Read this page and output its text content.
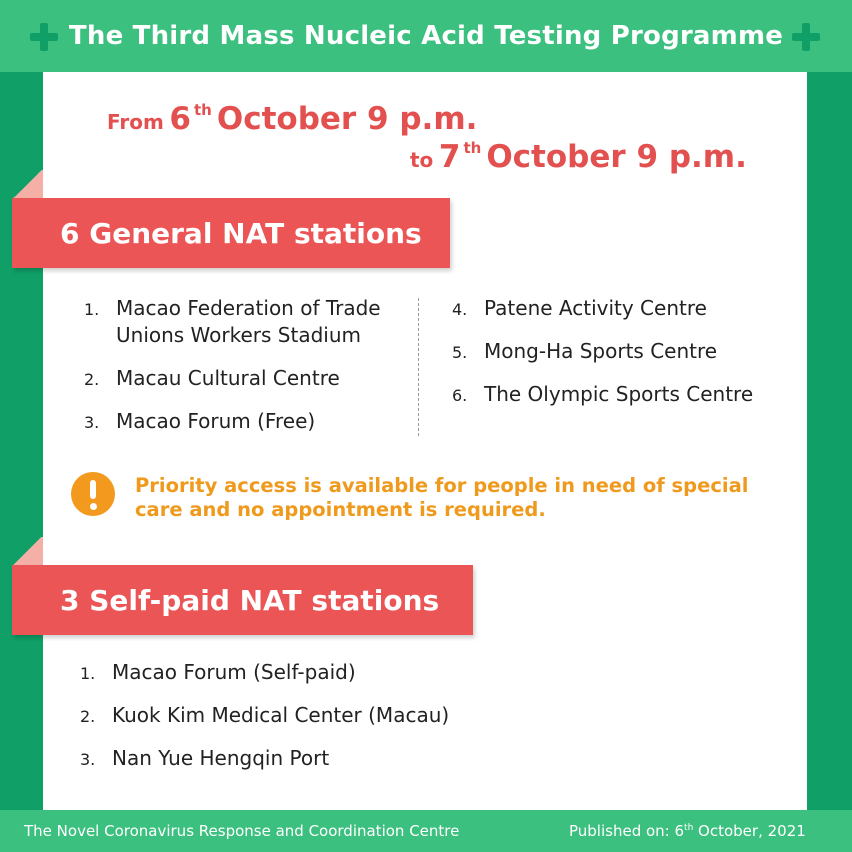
The Third Mass Nucleic Acid Testing Programme
From 6 $^{th}$ October 9 p.m.
to 7 $^{th}$ October 9 p.m.
6 General NAT stations
1. Macao Federation of Trade Unions Workers Stadium
2. Macau Cultural Centre
3. Macao Forum (Free)
4. Patene Activity Centre
5. Mong-Ha Sports Centre
6. The Olympic Sports Centre
Priority access is available for people in need of special care and no appointment is required.
3 Self-paid NAT stations
1. Macao Forum (Self-paid)
2. Kuok Kim Medical Center (Macau)
3. Nan Yue Hengqin Port
The Novel Coronavirus Response and Coordination Centre	Published on: 6th October, 2021
